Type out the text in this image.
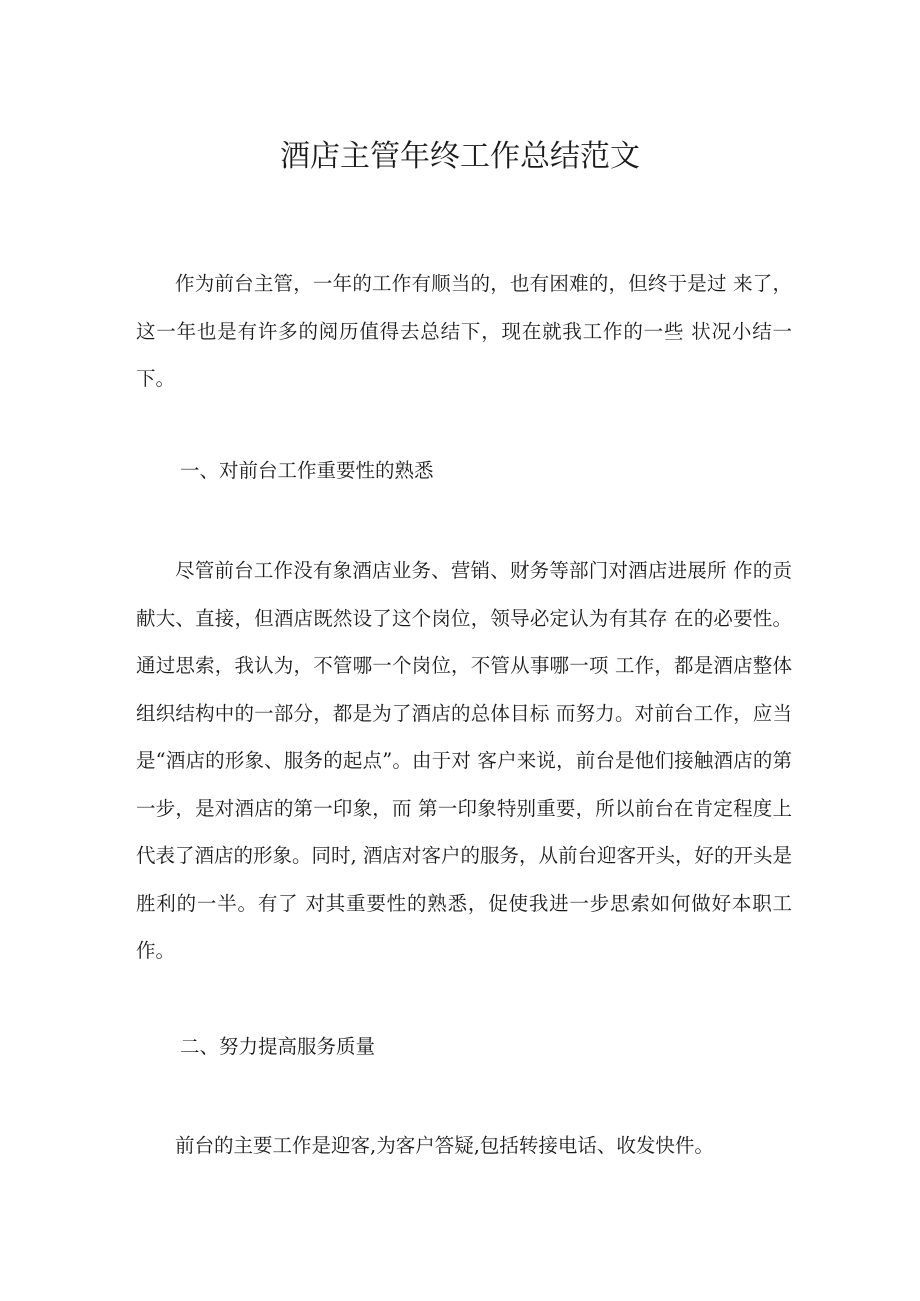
酒店主管年终工作总结范文

作为前台主管，一年的工作有顺当的，也有困难的，但终于是过 来了，这一年也是有许多的阅历值得去总结下，现在就我工作的一些 状况小结一下。

一、对前台工作重要性的熟悉

尽管前台工作没有象酒店业务、营销、财务等部门对酒店进展所 作的贡献大、直接，但酒店既然设了这个岗位，领导必定认为有其存 在的必要性。通过思索，我认为，不管哪一个岗位，不管从事哪一项 工作，都是酒店整体组织结构中的一部分，都是为了酒店的总体目标 而努力。对前台工作，应当是“酒店的形象、服务的起点”。由于对 客户来说，前台是他们接触酒店的第一步，是对酒店的第一印象，而 第一印象特别重要，所以前台在肯定程度上代表了酒店的形象。同时, 酒店对客户的服务，从前台迎客开头，好的开头是胜利的一半。有了 对其重要性的熟悉，促使我进一步思索如何做好本职工作。

二、努力提高服务质量

前台的主要工作是迎客,为客户答疑,包括转接电话、收发快件。
